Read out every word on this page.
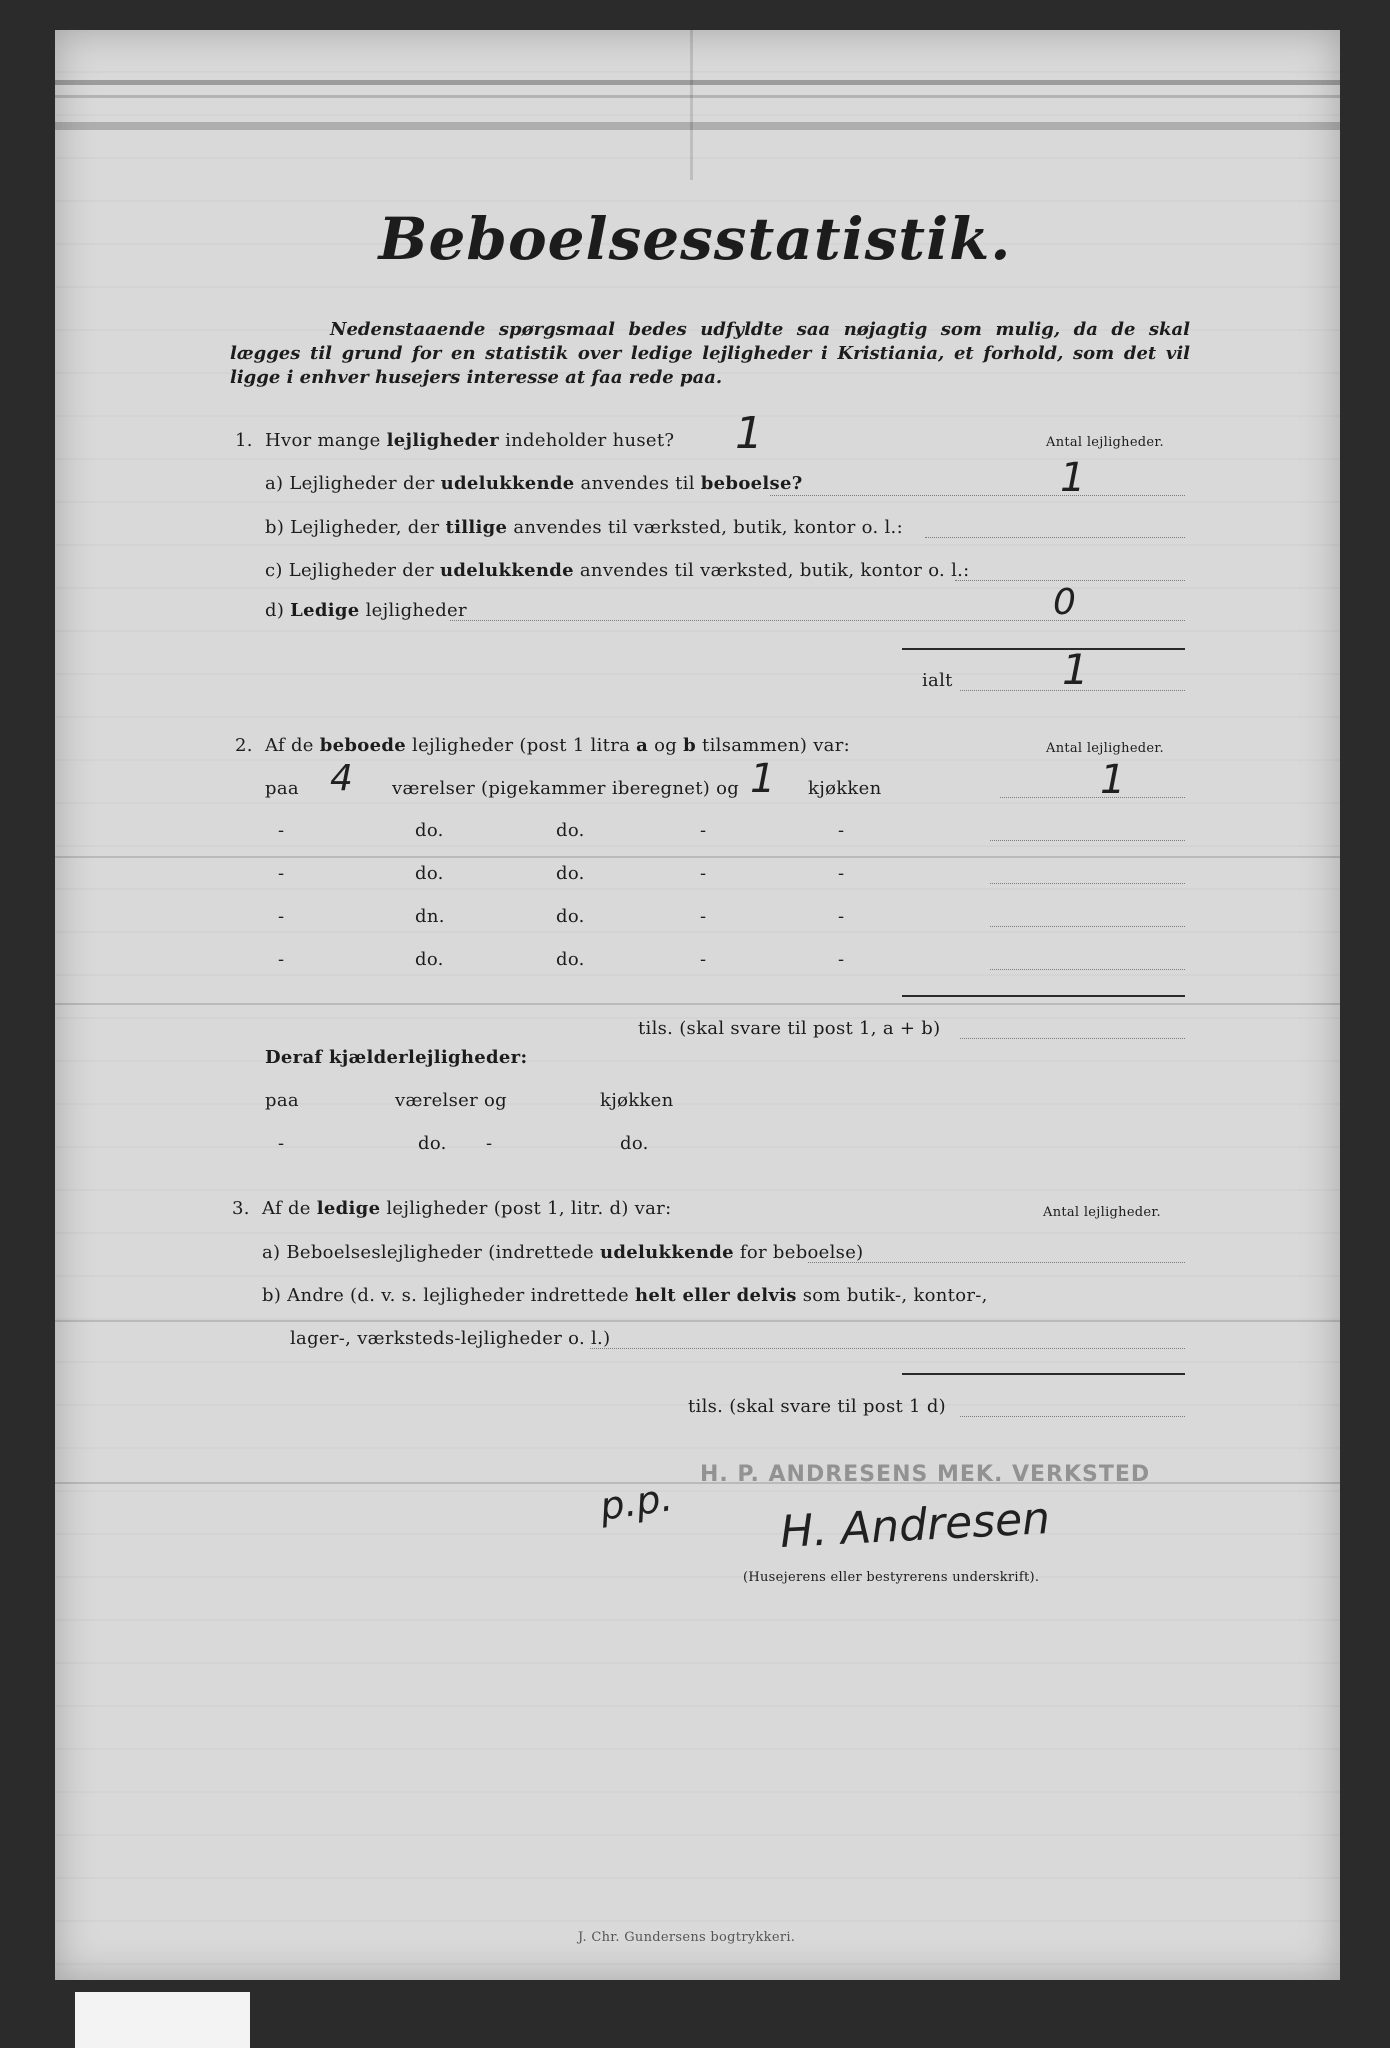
Beboelsesstatistik.
Nedenstaaende spørgsmaal bedes udfyldte saa nøjagtig som mulig, da de skal lægges til grund for en statistik over ledige lejligheder i Kristiania, et forhold, som det vil ligge i enhver husejers interesse at faa rede paa.
1. Hvor mange lejligheder indeholder huset? 1	Antal lejligheder.
a) Lejligheder der udelukkende anvendes til beboelse?	1
b) Lejligheder, der tillige anvendes til værksted, butik, kontor o. l.:
c) Lejligheder der udelukkende anvendes til værksted, butik, kontor o. l.:
d) Ledige lejligheder	0
ialt	1
2. Af de beboede lejligheder (post 1 litra a og b tilsammen) var:	Antal lejligheder.
paa 4 værelser (pigekammer iberegnet) og 1 kjøkken	1
-	do.	do.	-	-
-	do.	do.	-	-
-	dn.	do.	-	-
-	do.	do.	-	-
tils. (skal svare til post 1, a + b)
Deraf kjælderlejligheder:
paa	værelser og	kjøkken
-	do. -	do.
3. Af de ledige lejligheder (post 1, litr. d) var:	Antal lejligheder.
a) Beboelseslejligheder (indrettede udelukkende for beboelse)
b) Andre (d. v. s. lejligheder indrettede helt eller delvis som butik-, kontor-,
lager-, værksteds-lejligheder o. l.)
tils. (skal svare til post 1 d)
H. P. ANDRESENS MEK. VERKSTED
p.p. H. Andresen
(Husejerens eller bestyrerens underskrift).
J. Chr. Gundersens bogtrykkeri.
